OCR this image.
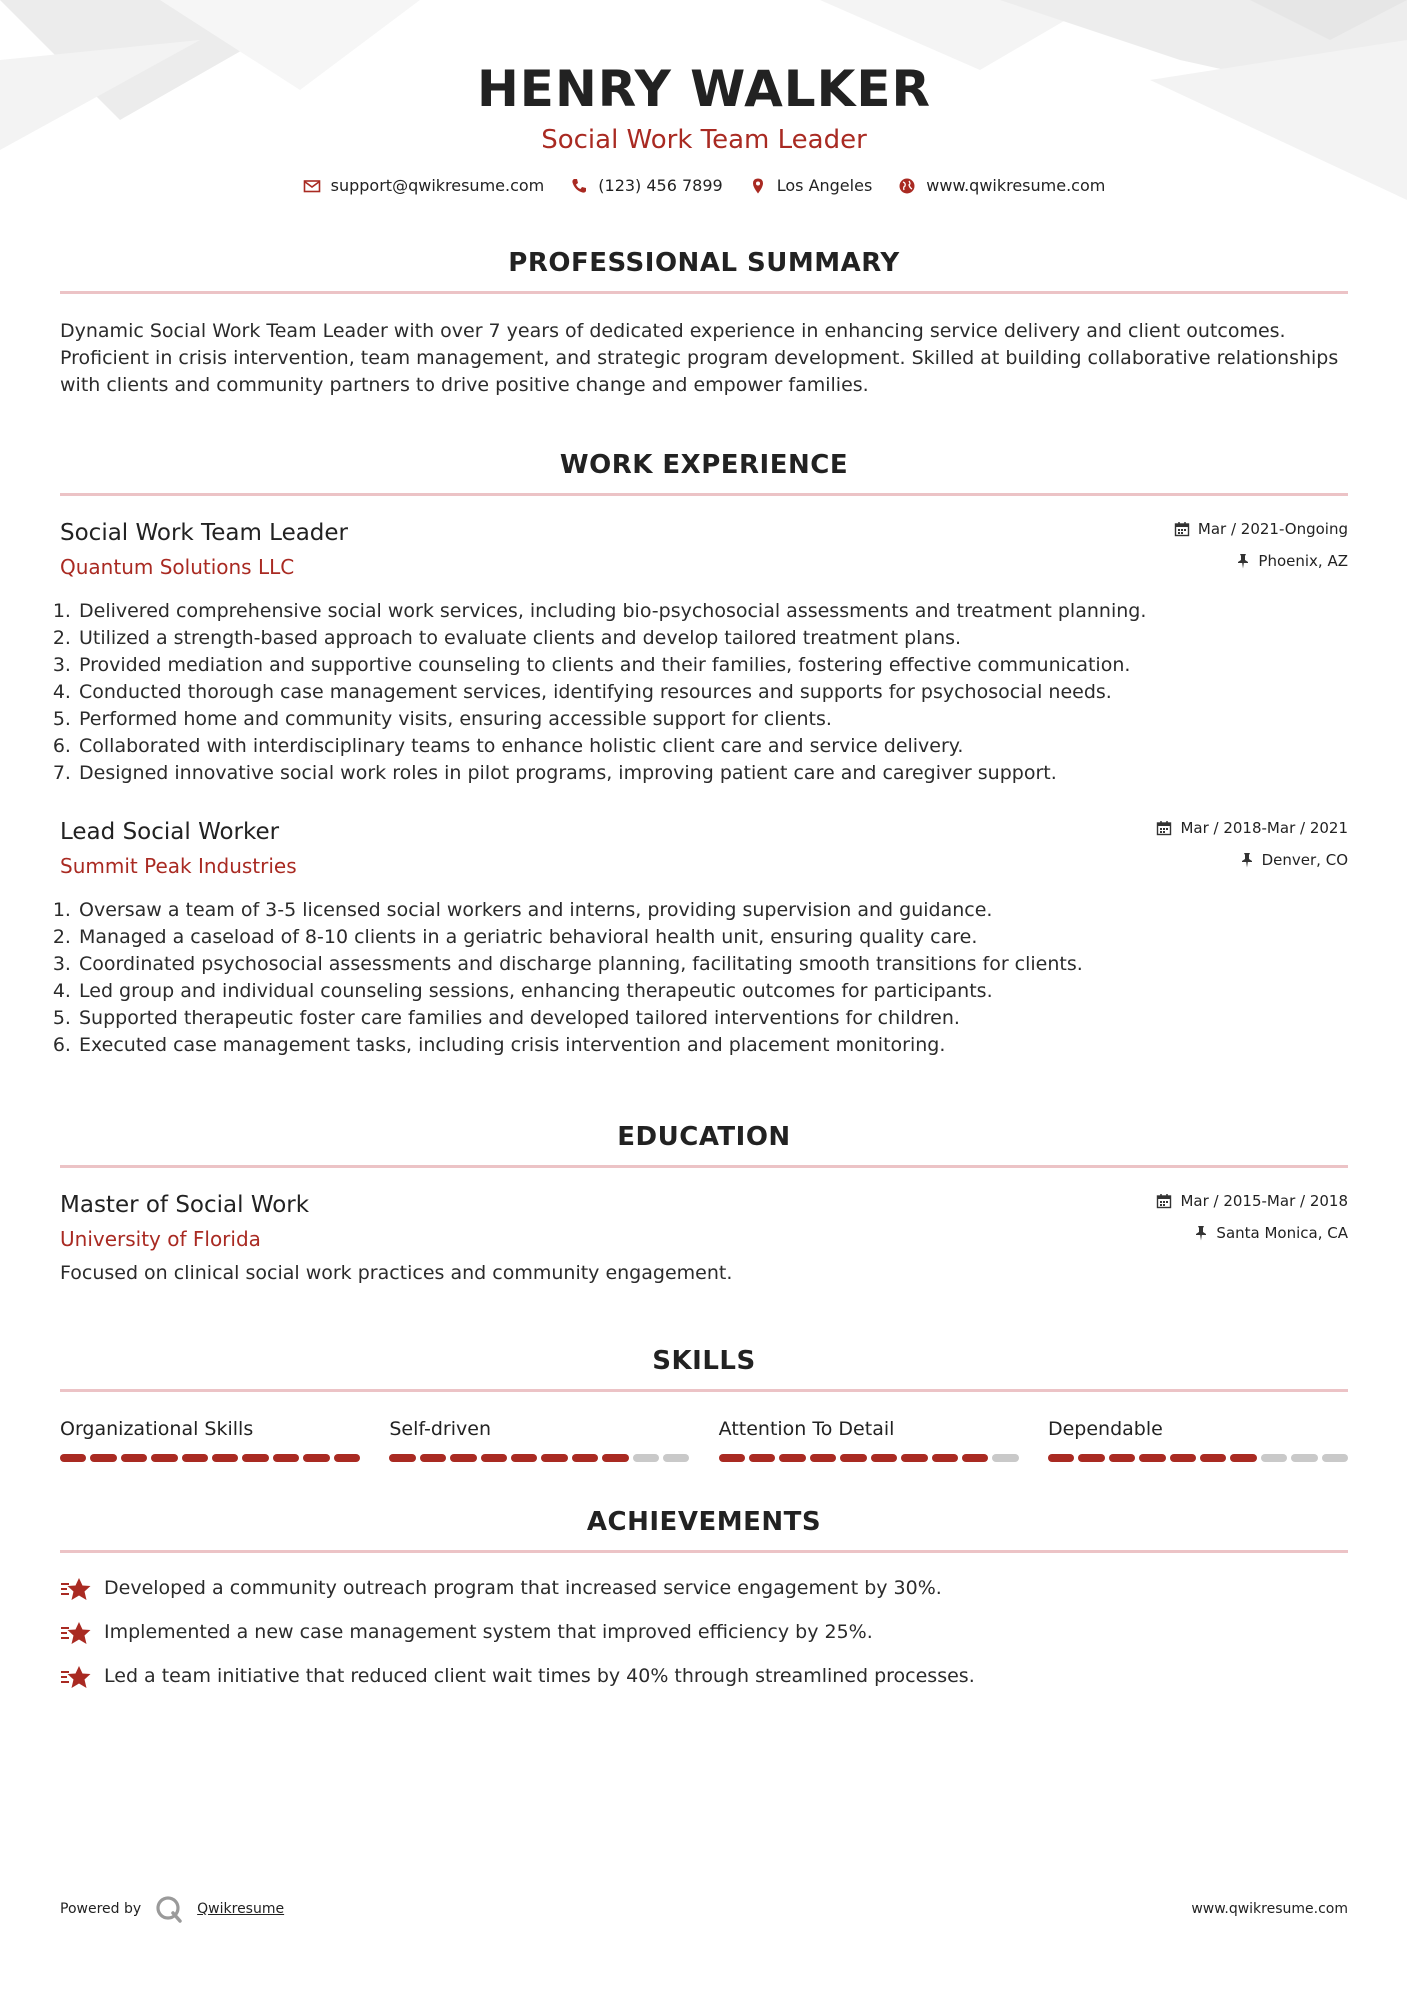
HENRY WALKER
Social Work Team Leader
support@qwikresume.com	(123) 456 7899	Los Angeles	www.qwikresume.com
PROFESSIONAL SUMMARY
Dynamic Social Work Team Leader with over 7 years of dedicated experience in enhancing service delivery and client outcomes. Proficient in crisis intervention, team management, and strategic program development. Skilled at building collaborative relationships with clients and community partners to drive positive change and empower families.
WORK EXPERIENCE
Social Work Team Leader
Quantum Solutions LLC
Mar / 2021-Ongoing
Phoenix, AZ
1. Delivered comprehensive social work services, including bio-psychosocial assessments and treatment planning.
2. Utilized a strength-based approach to evaluate clients and develop tailored treatment plans.
3. Provided mediation and supportive counseling to clients and their families, fostering effective communication.
4. Conducted thorough case management services, identifying resources and supports for psychosocial needs.
5. Performed home and community visits, ensuring accessible support for clients.
6. Collaborated with interdisciplinary teams to enhance holistic client care and service delivery.
7. Designed innovative social work roles in pilot programs, improving patient care and caregiver support.
Lead Social Worker
Summit Peak Industries
Mar / 2018-Mar / 2021
Denver, CO
1. Oversaw a team of 3-5 licensed social workers and interns, providing supervision and guidance.
2. Managed a caseload of 8-10 clients in a geriatric behavioral health unit, ensuring quality care.
3. Coordinated psychosocial assessments and discharge planning, facilitating smooth transitions for clients.
4. Led group and individual counseling sessions, enhancing therapeutic outcomes for participants.
5. Supported therapeutic foster care families and developed tailored interventions for children.
6. Executed case management tasks, including crisis intervention and placement monitoring.
EDUCATION
Master of Social Work
University of Florida
Mar / 2015-Mar / 2018
Santa Monica, CA
Focused on clinical social work practices and community engagement.
SKILLS
Organizational Skills	Self-driven	Attention To Detail	Dependable
ACHIEVEMENTS
Developed a community outreach program that increased service engagement by 30%.
Implemented a new case management system that improved efficiency by 25%.
Led a team initiative that reduced client wait times by 40% through streamlined processes.
Powered by	Qwikresume	www.qwikresume.com
